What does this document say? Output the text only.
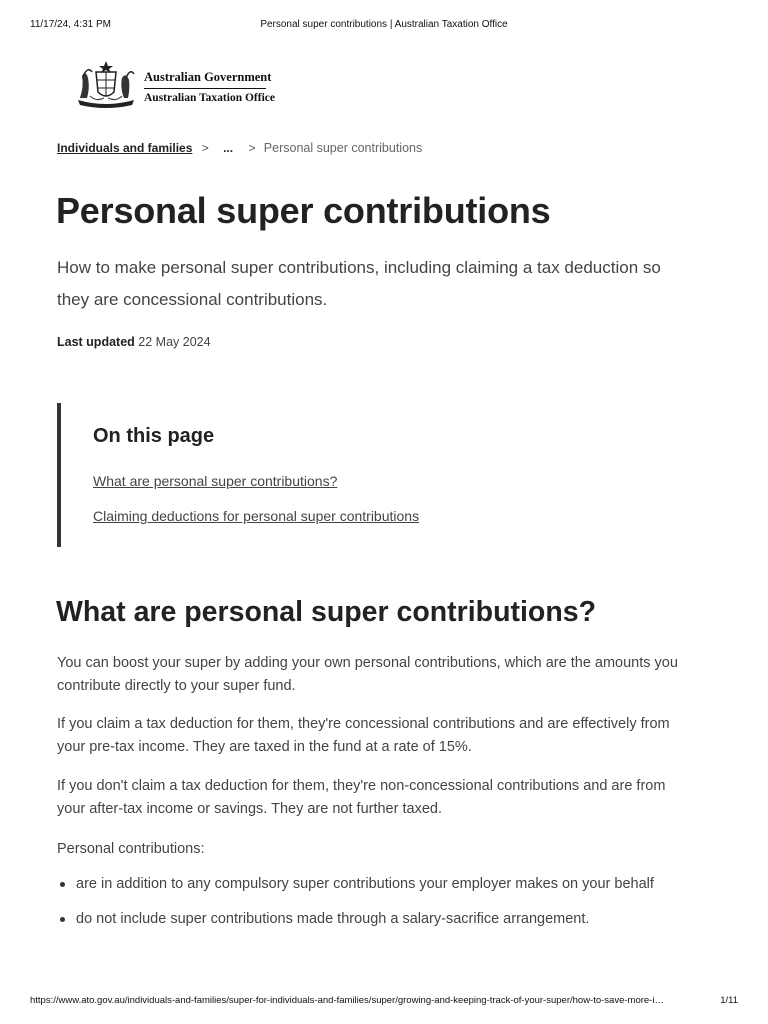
11/17/24, 4:31 PM	Personal super contributions | Australian Taxation Office
Australian Government
Australian Taxation Office
Individuals and families > ... > Personal super contributions
Personal super contributions

How to make personal super contributions, including claiming a tax deduction so they are concessional contributions.

Last updated 22 May 2024
On this page
What are personal super contributions?
Claiming deductions for personal super contributions
What are personal super contributions?

You can boost your super by adding your own personal contributions, which are the amounts you contribute directly to your super fund.

If you claim a tax deduction for them, they're concessional contributions and are effectively from your pre-tax income. They are taxed in the fund at a rate of 15%.

If you don't claim a tax deduction for them, they're non-concessional contributions and are from your after-tax income or savings. They are not further taxed.

Personal contributions:

are in addition to any compulsory super contributions your employer makes on your behalf
do not include super contributions made through a salary-sacrifice arrangement.
https://www.ato.gov.au/individuals-and-families/super-for-individuals-and-families/super/growing-and-keeping-track-of-your-super/how-to-save-more-i…	1/11
